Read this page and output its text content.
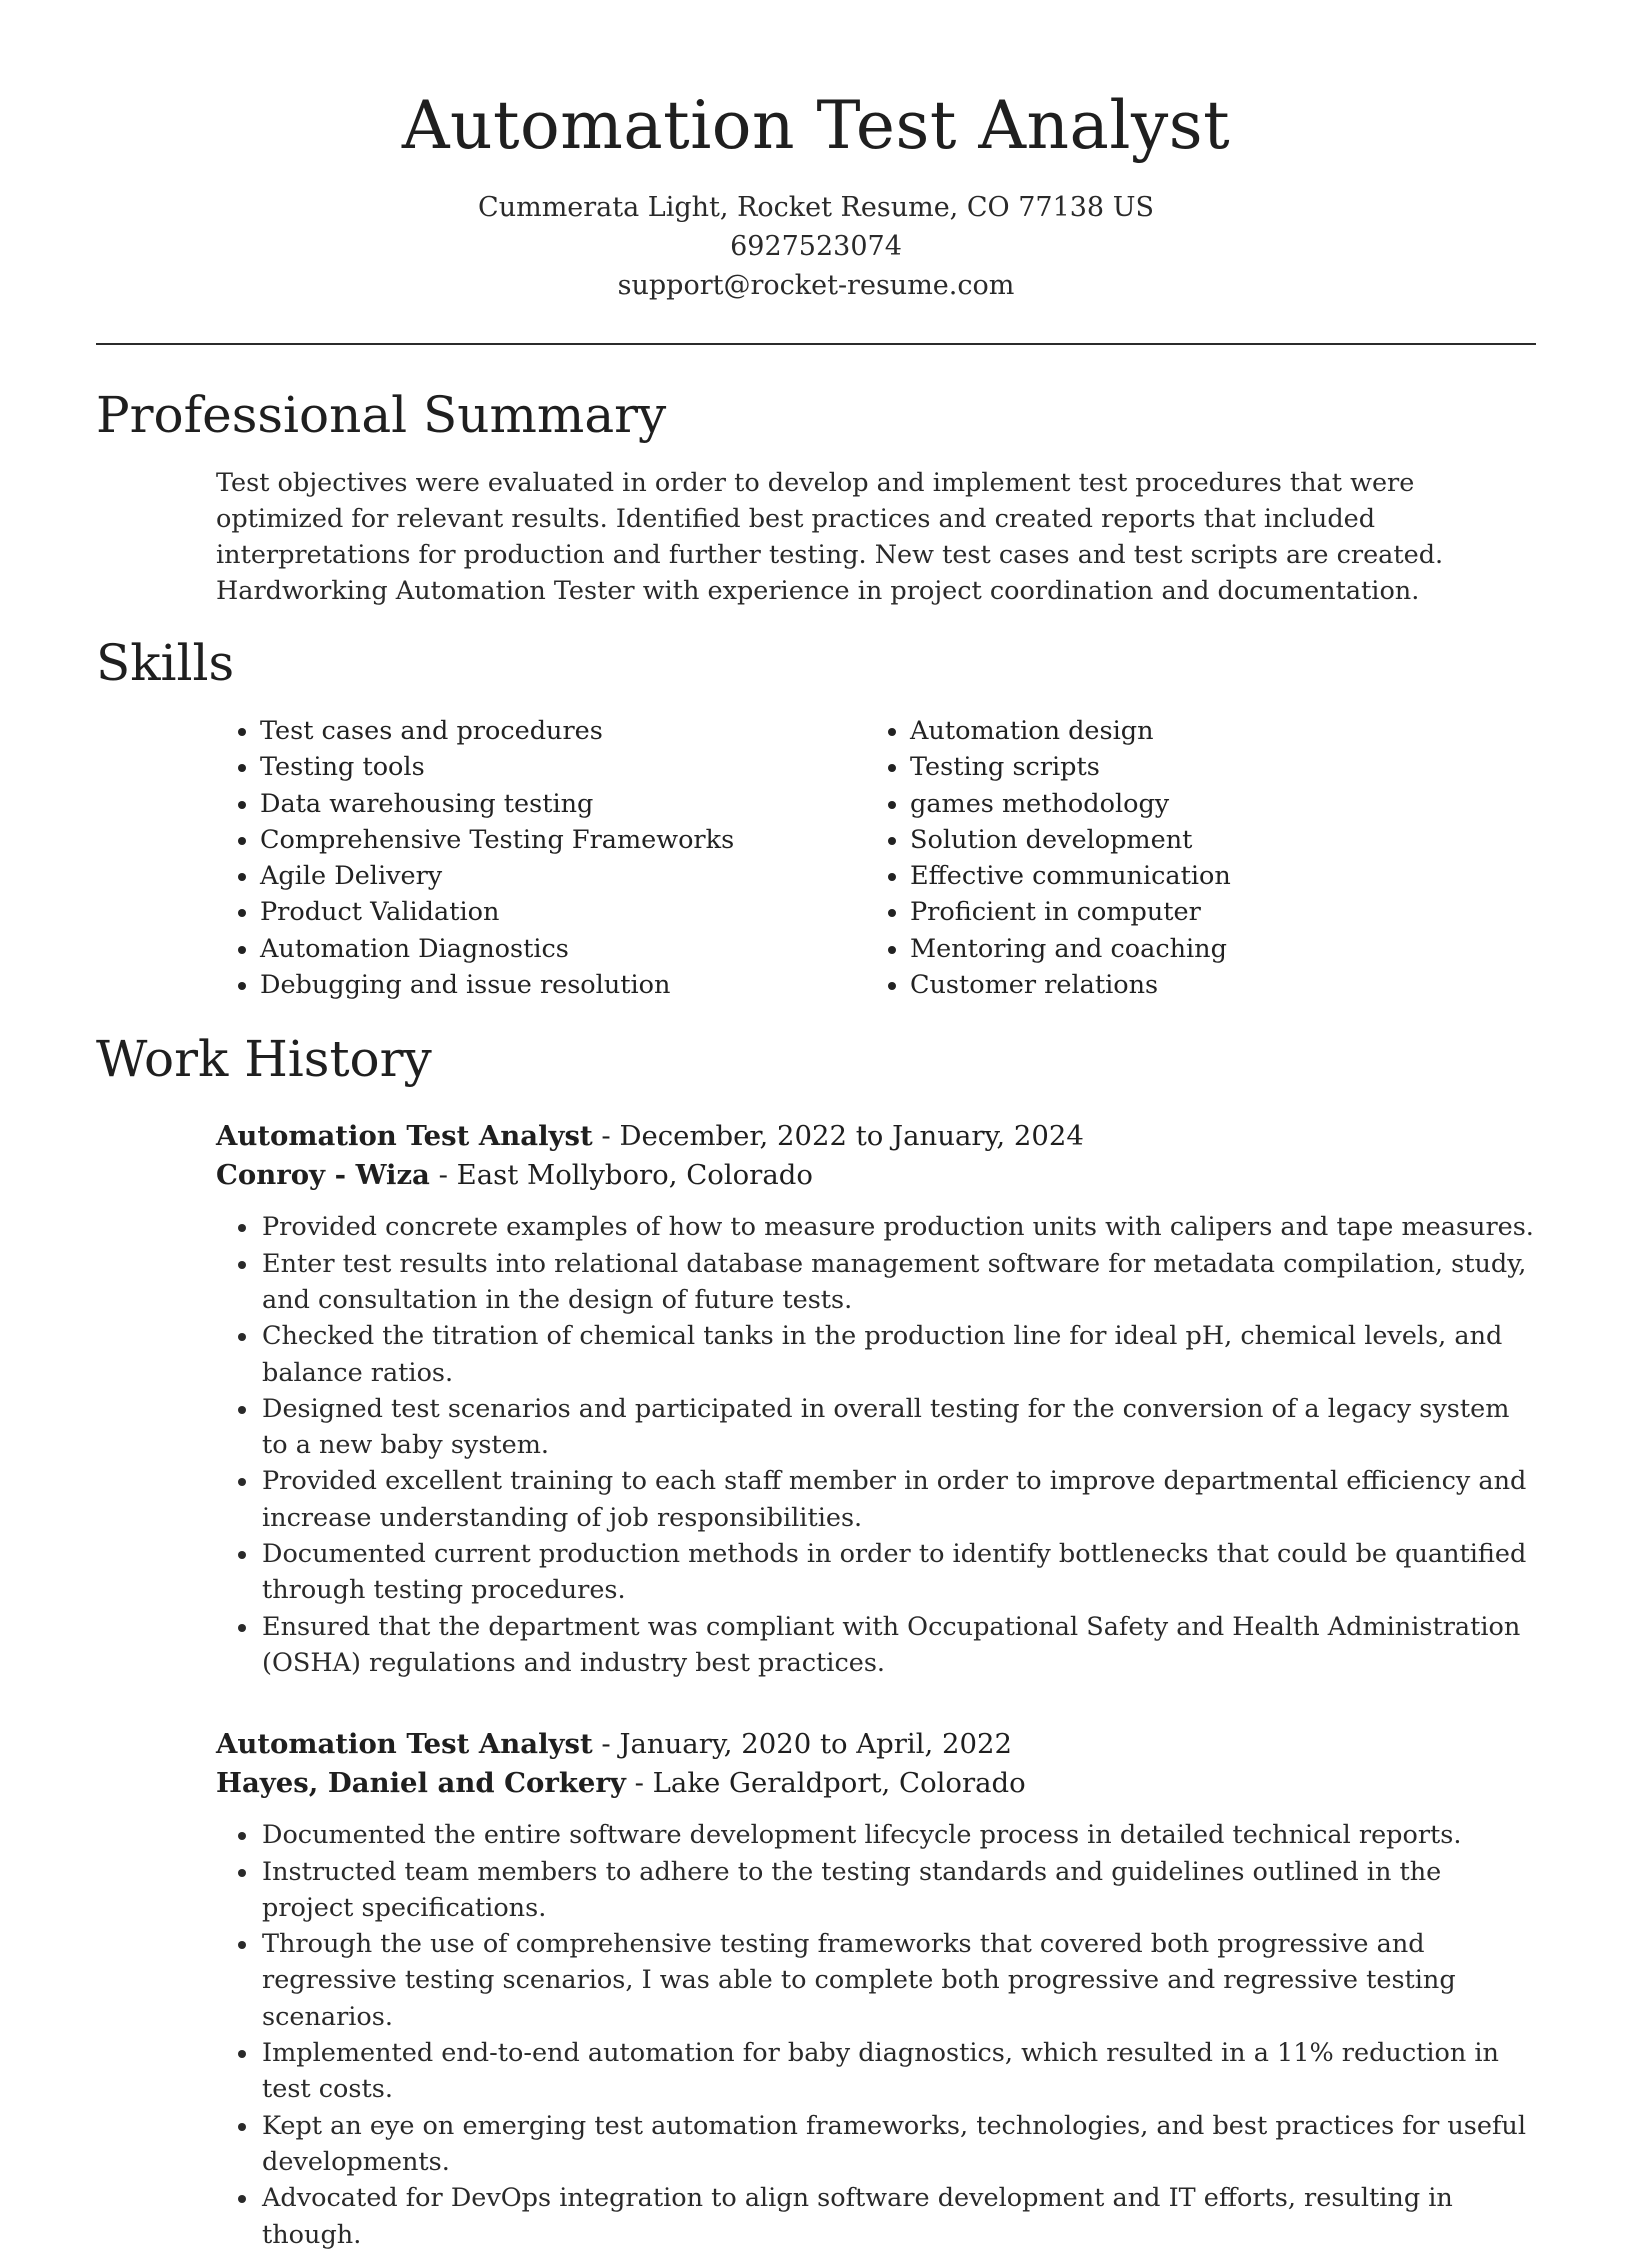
Automation Test Analyst
Cummerata Light, Rocket Resume, CO 77138 US
6927523074
support@rocket-resume.com
Professional Summary

Test objectives were evaluated in order to develop and implement test procedures that were optimized for relevant results. Identified best practices and created reports that included interpretations for production and further testing. New test cases and test scripts are created. Hardworking Automation Tester with experience in project coordination and documentation.

Skills
• Test cases and procedures
• Testing tools
• Data warehousing testing
• Comprehensive Testing Frameworks
• Agile Delivery
• Product Validation
• Automation Diagnostics
• Debugging and issue resolution
• Automation design
• Testing scripts
• games methodology
• Solution development
• Effective communication
• Proficient in computer
• Mentoring and coaching
• Customer relations
Work History
Automation Test Analyst - December, 2022 to January, 2024
Conroy - Wiza - East Mollyboro, Colorado
• Provided concrete examples of how to measure production units with calipers and tape measures.
• Enter test results into relational database management software for metadata compilation, study, and consultation in the design of future tests.
• Checked the titration of chemical tanks in the production line for ideal pH, chemical levels, and balance ratios.
• Designed test scenarios and participated in overall testing for the conversion of a legacy system to a new baby system.
• Provided excellent training to each staff member in order to improve departmental efficiency and increase understanding of job responsibilities.
• Documented current production methods in order to identify bottlenecks that could be quantified through testing procedures.
• Ensured that the department was compliant with Occupational Safety and Health Administration (OSHA) regulations and industry best practices.
Automation Test Analyst - January, 2020 to April, 2022
Hayes, Daniel and Corkery - Lake Geraldport, Colorado
• Documented the entire software development lifecycle process in detailed technical reports.
• Instructed team members to adhere to the testing standards and guidelines outlined in the project specifications.
• Through the use of comprehensive testing frameworks that covered both progressive and regressive testing scenarios, I was able to complete both progressive and regressive testing scenarios.
• Implemented end-to-end automation for baby diagnostics, which resulted in a 11% reduction in test costs.
• Kept an eye on emerging test automation frameworks, technologies, and best practices for useful developments.
• Advocated for DevOps integration to align software development and IT efforts, resulting in though.
